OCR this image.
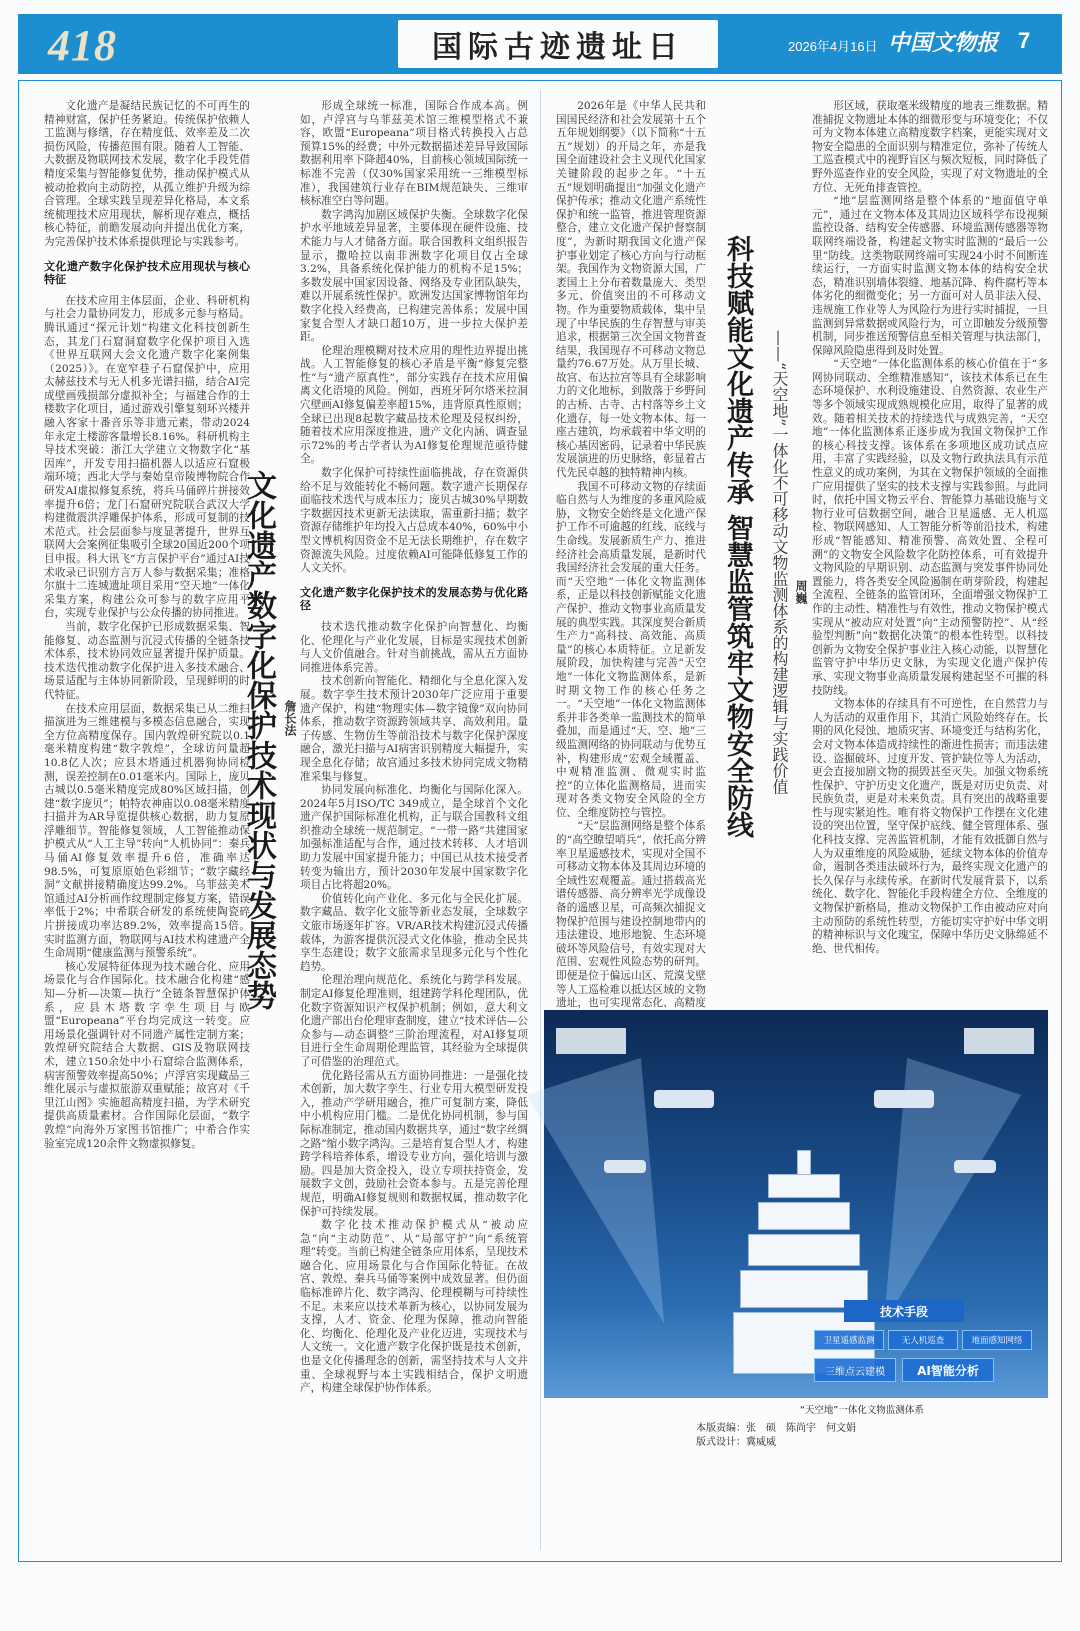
418	国际古迹遗址日	2026年4月16日 中国文物报 7

文化遗产是凝结民族记忆的不可再生的精神财富，保护任务紧迫。传统保护依赖人工监测与修缮，存在精度低、效率差及二次损伤风险，传播范围有限。随着人工智能、大数据及物联网技术发展，数字化手段凭借精度采集与智能修复优势，推动保护模式从被动抢救向主动防控，从孤立维护升级为综合管理。全球实践呈现差异化格局，本文系统梳理技术应用现状，解析现存难点，概括核心特征，前瞻发展动向并提出优化方案，为完善保护技术体系提供理论与实践参考。

文化遗产数字化保护技术应用现状与核心特征

在技术应用主体层面，企业、科研机构与社会力量协同发力，形成多元参与格局。腾讯通过“探元计划”构建文化科技创新生态，其龙门石窟洞窟数字化保护项目入选《世界互联网大会文化遗产数字化案例集（2025）》。在宽窄巷子石窟保护中，应用太赫兹技术与无人机多光谱扫描，结合AI完成壁画残损部分虚拟补全；与福建合作的土楼数字化项目，通过游戏引擎复刻环兴楼并融入客家十番音乐等非遗元素，带动2024年永定土楼游客量增长8.16%。科研机构主导技术突破：浙江大学建立文物数字化“基因库”，开发专用扫描机器人以适应石窟极端环境；西北大学与秦始皇帝陵博物院合作研发AI虚拟修复系统，将兵马俑碎片拼接效率提升6倍；龙门石窟研究院联合武汉大学构建微震洪浮雕保护体系，形成可复制的技术范式。社会层面参与度显著提升，世界互联网大会案例征集吸引全球20国近200个项目申报。科大讯飞“方言保护平台”通过AI技术收录已识别方言万人参与数据采集；准格尔旗十二连城遗址项目采用“空天地”一体化采集方案，构建公众可参与的数字应用平台，实现专业保护与公众传播的协同推进。

当前，数字化保护已形成数据采集、智能修复、动态监测与沉浸式传播的全链条技术体系，技术协同效应显著提升保护质量。技术迭代推动数字化保护进入多技术融合、场景适配与主体协同新阶段，呈现鲜明的时代特征。

在技术应用层面，数据采集已从二维扫描演进为三维建模与多模态信息融合，实现全方位高精度保存。国内敦煌研究院以0.1毫米精度构建“数字敦煌”，全球访问量超10.8亿人次；应县木塔通过机器狗协同检测，误差控制在0.01毫米内。国际上，庞贝古城以0.5毫米精度完成80%区域扫描，创建“数字庞贝”；帕特农神庙以0.08毫米精度扫描并为AR导览提供核心数据，助力复原浮雕细节。智能修复领域，人工智能推动保护模式从“人工主导”转向“人机协同”：秦兵马俑AI修复效率提升6倍，准确率达98.5%，可复原原始色彩细节；“数字藏经洞”文献拼接精确度达99.2%。乌菲兹美术馆通过AI分析画作纹理制定修复方案，错误率低于2%；中希联合研发的系统使陶瓷碎片拼接成功率达89.2%，效率提高15倍。实时监测方面，物联网与AI技术构建遗产全生命周期“健康监测与预警系统”。

核心发展特征体现为技术融合化、应用场景化与合作国际化。技术融合化构建“感知—分析—决策—执行”全链条智慧保护体系，应县木塔数字孪生项目与欧盟“Europeana”平台均完成这一转变。应用场景化强调针对不同遗产属性定制方案；敦煌研究院结合大数据、GIS及物联网技术，建立150余处中小石窟综合监测体系，病害预警效率提高50%；卢浮宫实现藏品三维化展示与虚拟旅游双重赋能；故宫对《千里江山图》实施超高精度扫描，为学术研究提供高质量素材。合作国际化层面，“数字敦煌”向海外万家图书馆推广；中希合作实验室完成120余件文物虚拟修复。

文化遗产数字化保护技术现状与发展态势 詹长法

形成全球统一标准，国际合作成本高。例如，卢浮宫与乌菲兹美术馆三维模型格式不兼容，欧盟“Europeana”项目格式转换投入占总预算15%的经费；中外元数据描述差异导致国际数据利用率下降超40%，目前核心领域国际统一标准不完善（仅30%国家采用统一三维模型标准），我国建筑行业存在BIM规范缺失、三维审核标准空白等问题。

数字鸿沟加剧区域保护失衡。全球数字化保护水平地域差异显著，主要体现在硬件设施、技术能力与人才储备方面。联合国教科文组织报告显示，撒哈拉以南非洲数字化项目仅占全球3.2%，具备系统化保护能力的机构不足15%；多数发展中国家因设备、网络及专业团队缺失，难以开展系统性保护。欧洲发达国家博物馆年均数字化投入经费高，已构建完善体系；发展中国家复合型人才缺口超10万，进一步拉大保护差距。

伦理治理模糊对技术应用的理性边界提出挑战。人工智能修复的核心矛盾是平衡“修复完整性”与“遗产原真性”，部分实践存在技术应用偏离文化语境的风险。例如，西班牙阿尔塔米拉洞穴壁画AI修复偏差率超15%，违背原真性原则；全球已出现8起数字藏品技术伦理及侵权纠纷，随着技术应用深度推进，遗产文化内涵、调查显示72%的考古学者认为AI修复伦理规范亟待健全。

数字化保护可持续性面临挑战，存在资源供给不足与效能转化不畅问题。数字遗产长期保存面临技术迭代与成本压力；庞贝古城30%早期数字数据因技术更新无法读取，需重新扫描；数字资源存储维护年均投入占总成本40%，60%中小型文博机构因资金不足无法长期维护，存在数字资源流失风险。过度依赖AI可能降低修复工作的人文关怀。

文化遗产数字化保护技术的发展态势与优化路径

技术迭代推动数字化保护向智慧化、均衡化、伦理化与产业化发展，目标是实现技术创新与人文价值融合。针对当前挑战，需从五方面协同推进体系完善。

技术创新向智能化、精细化与全息化深入发展。数字孪生技术预计2030年广泛应用于重要遗产保护，构建“物理实体—数字镜像”双向协同体系，推动数字资源跨领域共享、高效利用。量子传感、生物仿生等前沿技术与数字化保护深度融合，激光扫描与AI病害识别精度大幅提升，实现全息化存储；故宫通过多技术协同完成文物精准采集与修复。

协同发展向标准化、均衡化与国际化深入。2024年5月ISO/TC 349成立，是全球首个文化遗产保护国际标准化机构，正与联合国教科文组织推动全球统一规范制定。“一带一路”共建国家加强标准适配与合作，通过技术转移、人才培训助力发展中国家提升能力；中国已从技术接受者转变为输出方，预计2030年发展中国家数字化项目占比将超20%。

价值转化向产业化、多元化与全民化扩展。数字藏品、数字化文旅等新业态发展，全球数字文旅市场逐年扩容。VR/AR技术构建沉浸式传播载体，为游客提供沉浸式文化体验，推动全民共享生态建设；数字文旅需求呈现多元化与个性化趋势。

伦理治理向规范化、系统化与跨学科发展。制定AI修复伦理准则，组建跨学科伦理团队，优化数字资源知识产权保护机制；例如，意大利文化遗产部出台伦理审查制度，建立“技术评估—公众参与—动态调整”三阶治理流程，对AI修复项目进行全生命周期伦理监管，其经验为全球提供了可借鉴的治理范式。

优化路径需从五方面协同推进：一是强化技术创新，加大数字孪生、行业专用大模型研发投入，推动产学研用融合，推广可复制方案，降低中小机构应用门槛。二是优化协同机制，参与国际标准制定，推动国内数据共享，通过“数字丝绸之路”缩小数字鸿沟。三是培育复合型人才，构建跨学科培养体系，增设专业方向，强化培训与激励。四是加大资金投入，设立专项扶持资金，发展数字文创，鼓励社会资本参与。五是完善伦理规范，明确AI修复规则和数据权属，推动数字化保护可持续发展。

数字化技术推动保护模式从“被动应急”向“主动防范”、从“局部守护”向“系统管理”转变。当前已构建全链条应用体系，呈现技术融合化、应用场景化与合作国际化特征。在故宫、敦煌、秦兵马俑等案例中成效显著。但仍面临标准碎片化、数字鸿沟、伦理模糊与可持续性不足。未来应以技术革新为核心，以协同发展为支撑，人才、资金、伦理为保障，推动向智能化、均衡化、伦理化及产业化迈进，实现技术与人文统一。文化遗产数字化保护既是技术创新，也是文化传播理念的创新，需坚持技术与人文并重、全球视野与本土实践相结合，保护文明遗产，构建全球保护协作体系。

2026年是《中华人民共和国国民经济和社会发展第十五个五年规划纲要》（以下简称“十五五”规划）的开局之年，亦是我国全面建设社会主义现代化国家关键阶段的起步之年。“十五五”规划明确提出“加强文化遗产保护传承；推动文化遗产系统性保护和统一监管，推进管理资源整合，建立文化遗产保护督察制度”，为新时期我国文化遗产保护事业划定了核心方向与行动框架。我国作为文物资源大国，广袤国土上分布着数量庞大、类型多元、价值突出的不可移动文物。作为重要物质载体，集中呈现了中华民族的生存智慧与审美追求，根据第三次全国文物普查结果，我国现存不可移动文物总量约76.67万处。从万里长城、故宫、布达拉宫等具有全球影响力的文化地标，到散落于乡野间的古桥、古寺、古村落等乡土文化遗存，每一处文物本体、每一座古建筑，均承载着中华文明的核心基因密码，记录着中华民族发展演进的历史脉络，彰显着古代先民卓越的独特精神内核。

我国不可移动文物的存续面临自然与人为维度的多重风险威胁，文物安全始终是文化遗产保护工作不可逾越的红线、底线与生命线。发展新质生产力、推进经济社会高质量发展，是新时代我国经济社会发展的重大任务。而“天空地”一体化文物监测体系，正是以科技创新赋能文化遗产保护、推动文物事业高质量发展的典型实践。其深度契合新质生产力“高科技、高效能、高质量”的核心本质特征。立足新发展阶段，加快构建与完善“天空地”一体化文物监测体系，是新时期文物工作的核心任务之一。“天空地”一体化文物监测体系并非各类单一监测技术的简单叠加，而是通过“天、空、地”三级监测网络的协同联动与优势互补，构建形成“宏观全域覆盖、中观精准监测、微观实时监控”的立体化监测格局，进而实现对各类文物安全风险的全方位、全维度防控与管控。

“天”层监测网络是整个体系的“高空瞭望哨兵”，依托高分辨率卫星遥感技术，实现对全国不可移动文物本体及其周边环境的全域性宏观覆盖。通过搭载高光谱传感器、高分辨率光学成像设备的遥感卫星，可高频次捕捉文物保护范围与建设控制地带内的违法建设、地形地貌、生态环境破坏等风险信号，有效实现对大范围、宏观性风险态势的研判。即便是位于偏远山区、荒漠戈壁等人工巡检难以抵达区域的文物遗址，也可实现常态化、高精度

科技赋能文化遗产传承 智慧监管筑牢文物安全防线 ——“天空地”一体化不可移动文物监测体系的构建逻辑与实践价值 周巍

形区域，获取毫米级精度的地表三维数据。精准捕捉文物遗址本体的细微形变与环境变化；不仅可为文物本体建立高精度数字档案，更能实现对文物安全隐患的全面识别与精准定位，弥补了传统人工巡查模式中的视野盲区与频次短板，同时降低了野外巡查作业的安全风险，实现了对文物遗址的全方位、无死角排查管控。

“地”层监测网络是整个体系的“地面值守单元”，通过在文物本体及其周边区域科学布设视频监控设备、结构安全传感器、环境监测传感器等物联网终端设备，构建起文物实时监测的“最后一公里”防线。这类物联网终端可实现24小时不间断连续运行，一方面实时监测文物本体的结构安全状态，精准识别墙体裂缝、地基沉降、构件腐朽等本体劣化的细微变化；另一方面可对人员非法入侵、违规施工作业等人为风险行为进行实时捕捉，一旦监测到异常数据或风险行为，可立即触发分级预警机制，同步推送预警信息至相关管理与执法部门，保障风险隐患得到及时处置。

“天空地”一体化监测体系的核心价值在于“多网协同联动、全维精准感知”，该技术体系已在生态环境保护、水利设施建设、自然资源、农业生产等多个领域实现成熟规模化应用，取得了显著的成效。随着相关技术的持续迭代与成熟完善，“天空地”一体化监测体系正逐步成为我国文物保护工作的核心科技支撑。该体系在多项地区成功试点应用，丰富了实践经验，以及文物行政执法具有示范性意义的成功案例，为其在文物保护领域的全面推广应用提供了坚实的技术支撑与实践参照。与此同时，依托中国文物云平台、智能算力基础设施与文物行业可信数据空间，融合卫星遥感、无人机巡检、物联网感知、人工智能分析等前沿技术，构建形成“智能感知、精准预警、高效处置、全程可溯”的文物安全风险数字化防控体系，可有效提升文物风险的早期识别、动态监测与突发事件协同处置能力，将各类安全风险遏制在萌芽阶段，构建起全流程、全链条的监管闭环，全面增强文物保护工作的主动性、精准性与有效性，推动文物保护模式实现从“被动应对处置”向“主动预警防控”、从“经验型判断”向“数据化决策”的根本性转型。以科技创新为文物安全保护事业注入核心动能，以智慧化监管守护中华历史文脉，为实现文化遗产保护传承、实现文物事业高质量发展构建起坚不可摧的科技防线。

文物本体的存续具有不可逆性，在自然营力与人为活动的双重作用下，其消亡风险始终存在。长期的风化侵蚀、地质灾害、环境变迁与结构劣化，会对文物本体造成持续性的渐进性损害；而违法建设、盗掘破坏、过度开发、管护缺位等人为活动，更会直接加剧文物的损毁甚至灭失。加强文物系统性保护、守护历史文化遗产，既是对历史负责、对民族负责，更是对未来负责。具有突出的战略重要性与现实紧迫性。唯有将文物保护工作摆在文化建设的突出位置，坚守保护底线、健全管理体系、强化科技支撑、完善监管机制，才能有效抵御自然与人为双重维度的风险威胁，延续文物本体的价值寿命，遏制各类违法破坏行为，最终实现文化遗产的长久保存与永续传承。在新时代发展背景下，以系统化、数字化、智能化手段构建全方位、全维度的文物保护新格局，推动文物保护工作由被动应对向主动预防的系统性转型，方能切实守护好中华文明的精神标识与文化瑰宝，保障中华历史文脉绵延不绝、世代相传。

技术手段
卫星遥感监测	无人机巡查	地面感知网络
三维点云建模	AI智能分析
“天空地”一体化文物监测体系
本版责编：张　硕　陈尚宇　何文娟
版式设计：冀威威
